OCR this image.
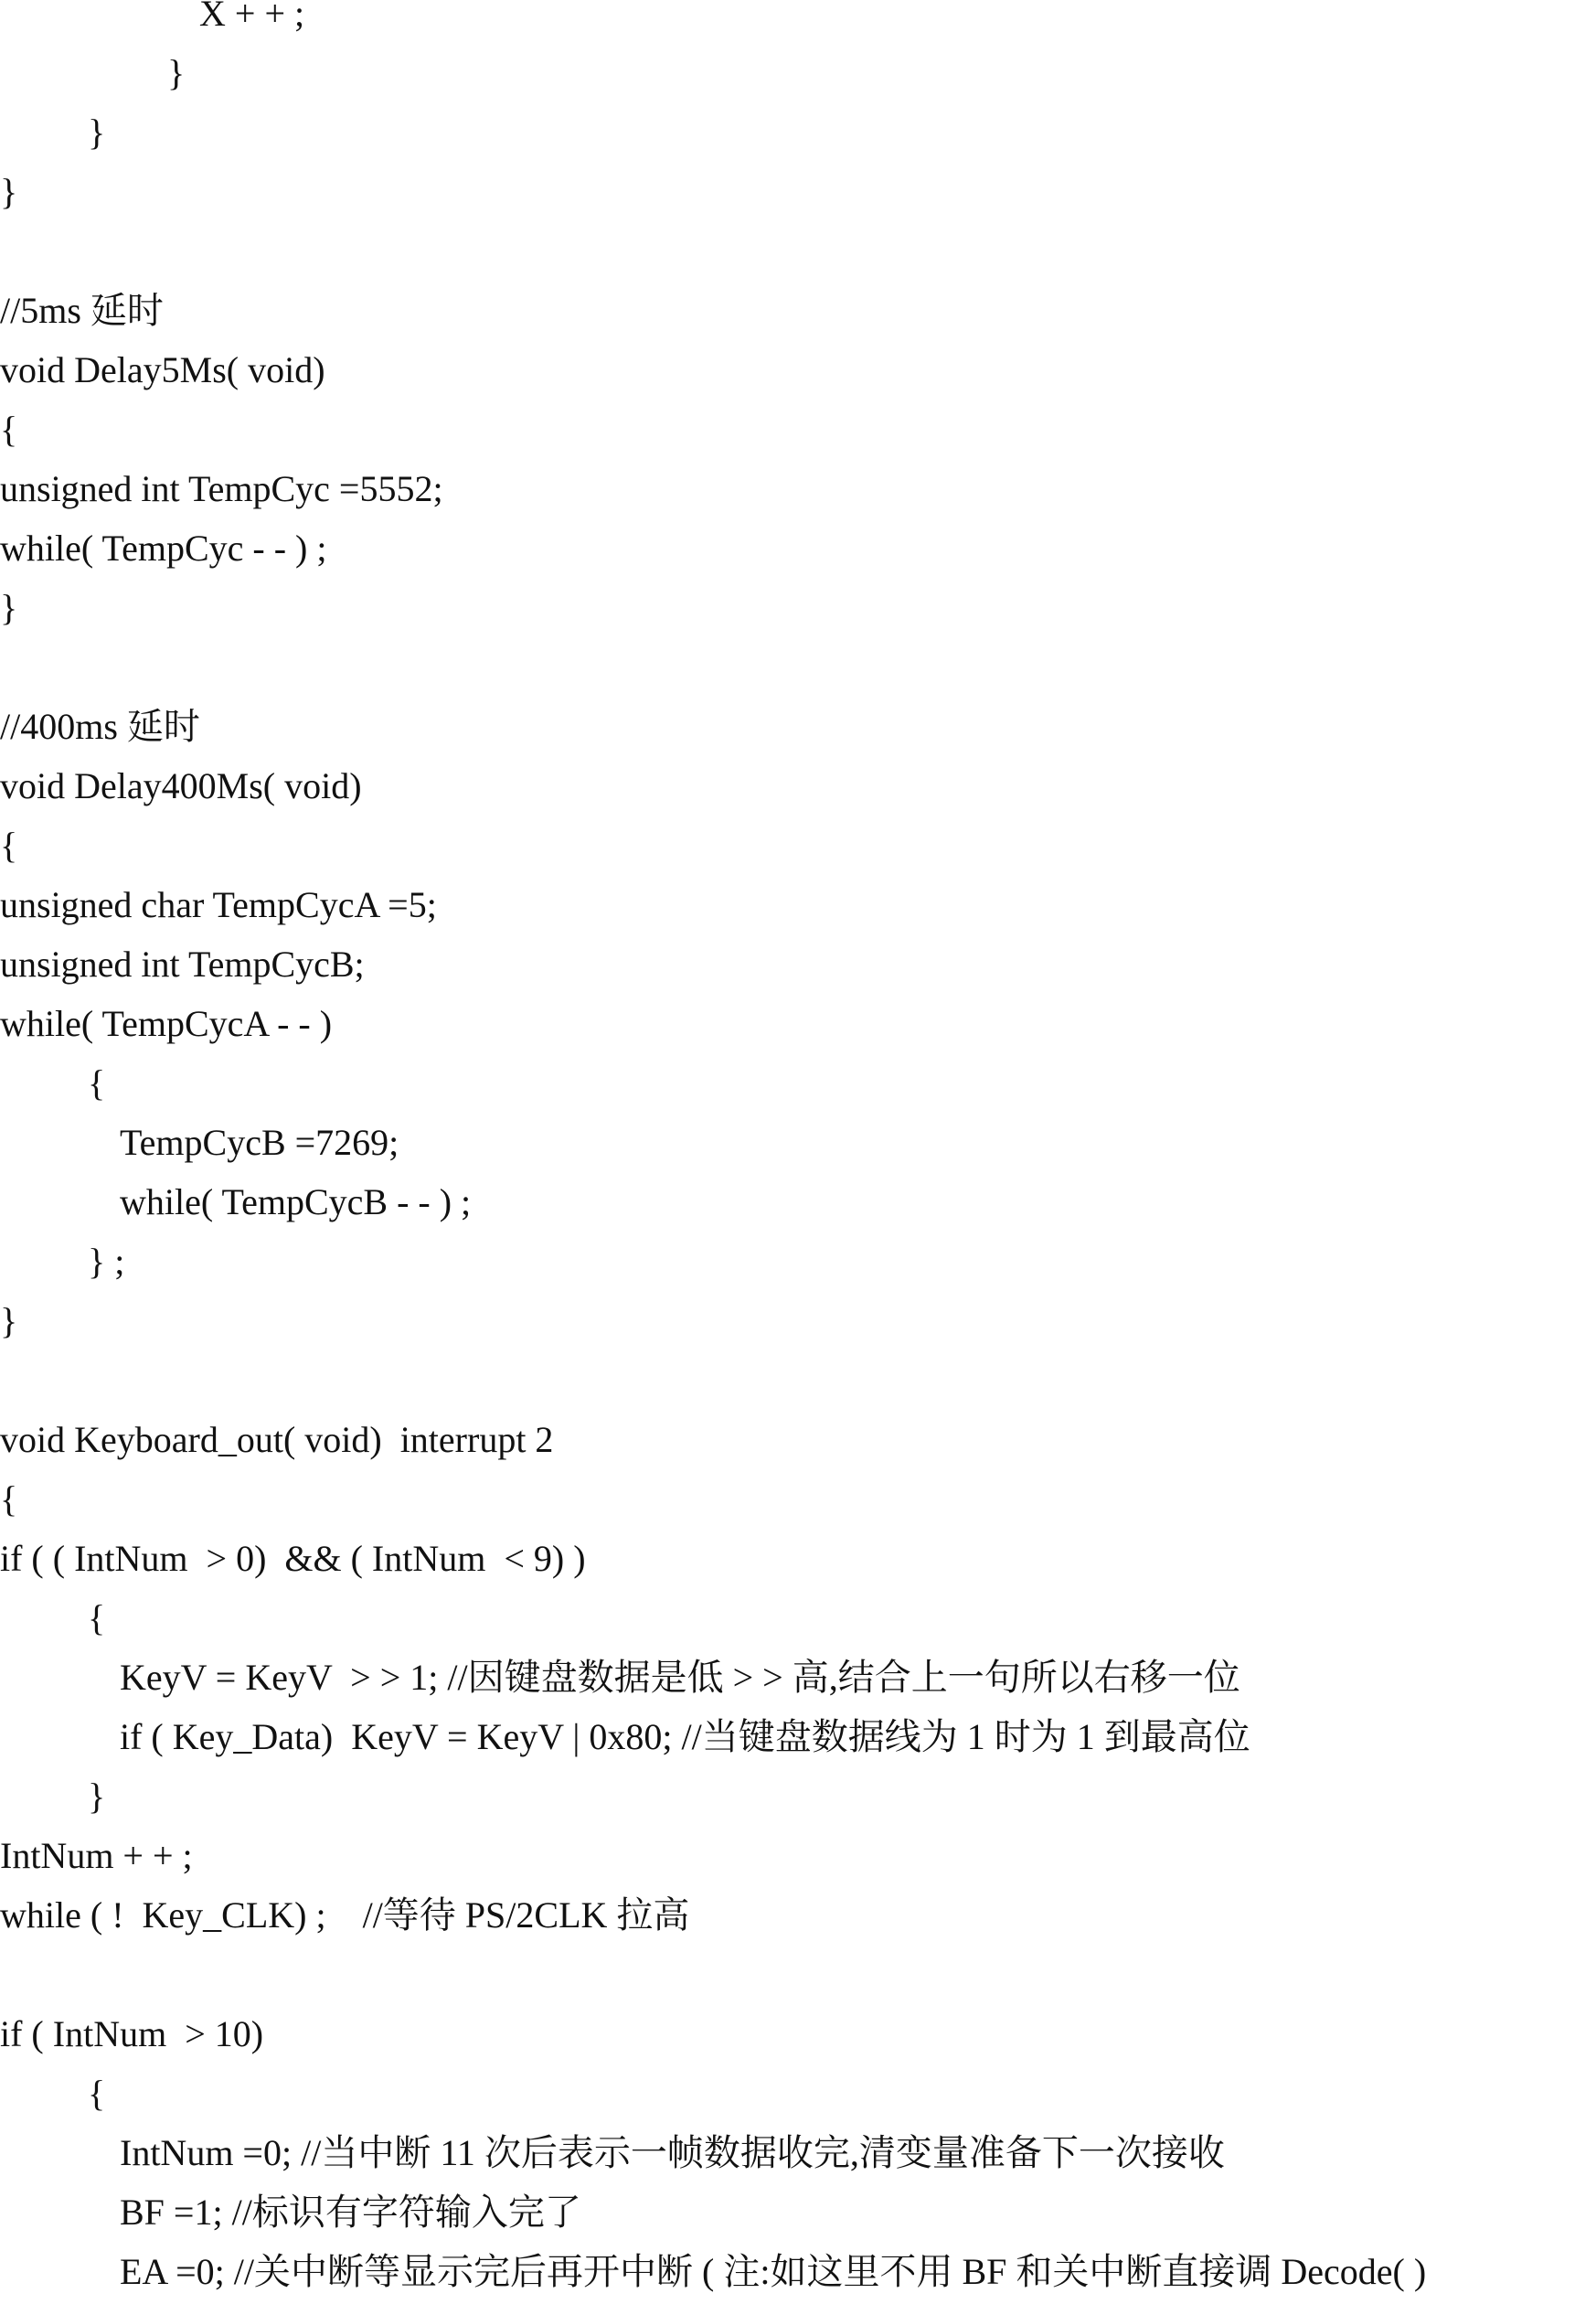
X + + ;
}
}
}
//5ms 延时
void Delay5Ms( void)
{
unsigned int TempCyc =5552;
while( TempCyc - - ) ;
}
//400ms 延时
void Delay400Ms( void)
{
unsigned char TempCycA =5;
unsigned int TempCycB;
while( TempCycA - - )
{
TempCycB =7269;
while( TempCycB - - ) ;
} ;
}
void Keyboard_out( void)  interrupt 2
{
if ( ( IntNum  > 0)  && ( IntNum  < 9) )
{
KeyV = KeyV  > > 1; //因键盘数据是低 > > 高,结合上一句所以右移一位
if ( Key_Data)  KeyV = KeyV | 0x80; //当键盘数据线为 1 时为 1 到最高位
}
IntNum + + ;
while ( !  Key_CLK) ;    //等待 PS/2CLK 拉高
if ( IntNum  > 10)
{
IntNum =0; //当中断 11 次后表示一帧数据收完,清变量准备下一次接收
BF =1; //标识有字符输入完了
EA =0; //关中断等显示完后再开中断 ( 注:如这里不用 BF 和关中断直接调 Decode( )
